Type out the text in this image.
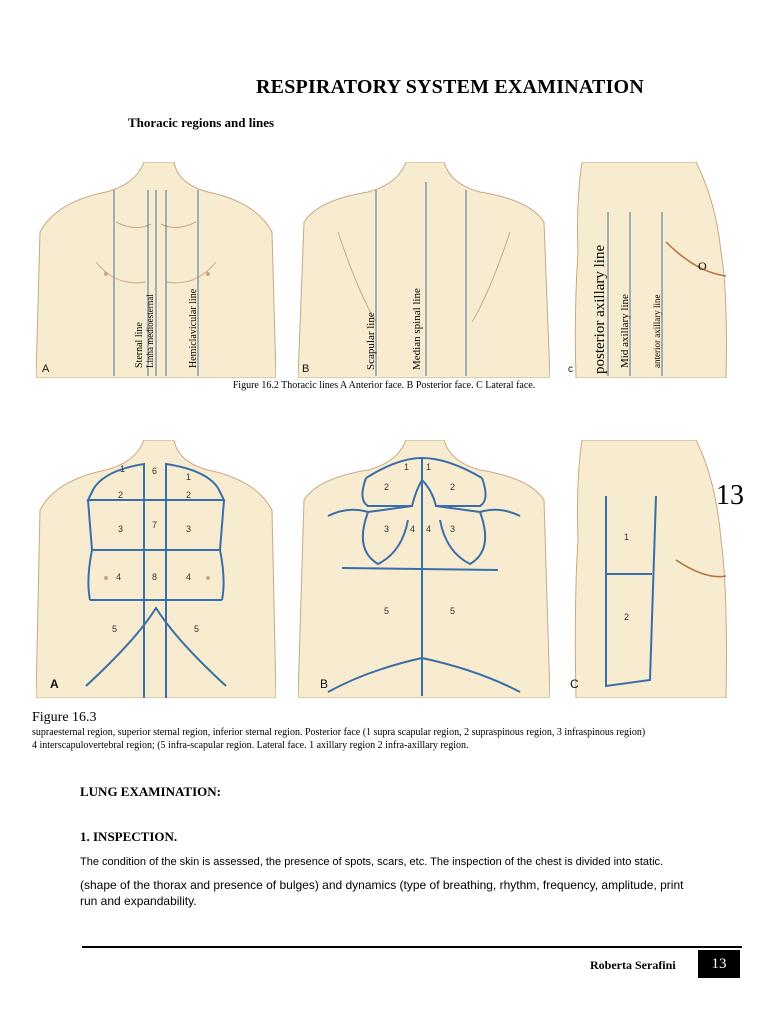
RESPIRATORY SYSTEM EXAMINATION
Thoracic regions and lines
A
Sternal line Linha medioesternal	Hemiclavicular line
B	Scapular line	Median spinal line	c posterior axillary line Mid axillary line anterior axillary line
O
Figure 16.2 Thoracic lines A Anterior face. B Posterior face. C Lateral face.
1	6
1
2	2
3	7	3
4	8	4
5	5
A
1 1
2	2
3 4 4 3
5	5
B
1
2
C
13
Figure 16.3
supraesternal region, superior sternal region, inferior sternal region. Posterior face (1 supra scapular region, 2 supraspinous region, 3 infraspinous region)
4 interscapulovertebral region; (5 infra-scapular region. Lateral face. 1 axillary region 2 infra-axillary region.
LUNG EXAMINATION:
1. INSPECTION.
The condition of the skin is assessed, the presence of spots, scars, etc. The inspection of the chest is divided into static.
(shape of the thorax and presence of bulges) and dynamics (type of breathing, rhythm, frequency, amplitude, print run and expandability.
Roberta Serafini	13
